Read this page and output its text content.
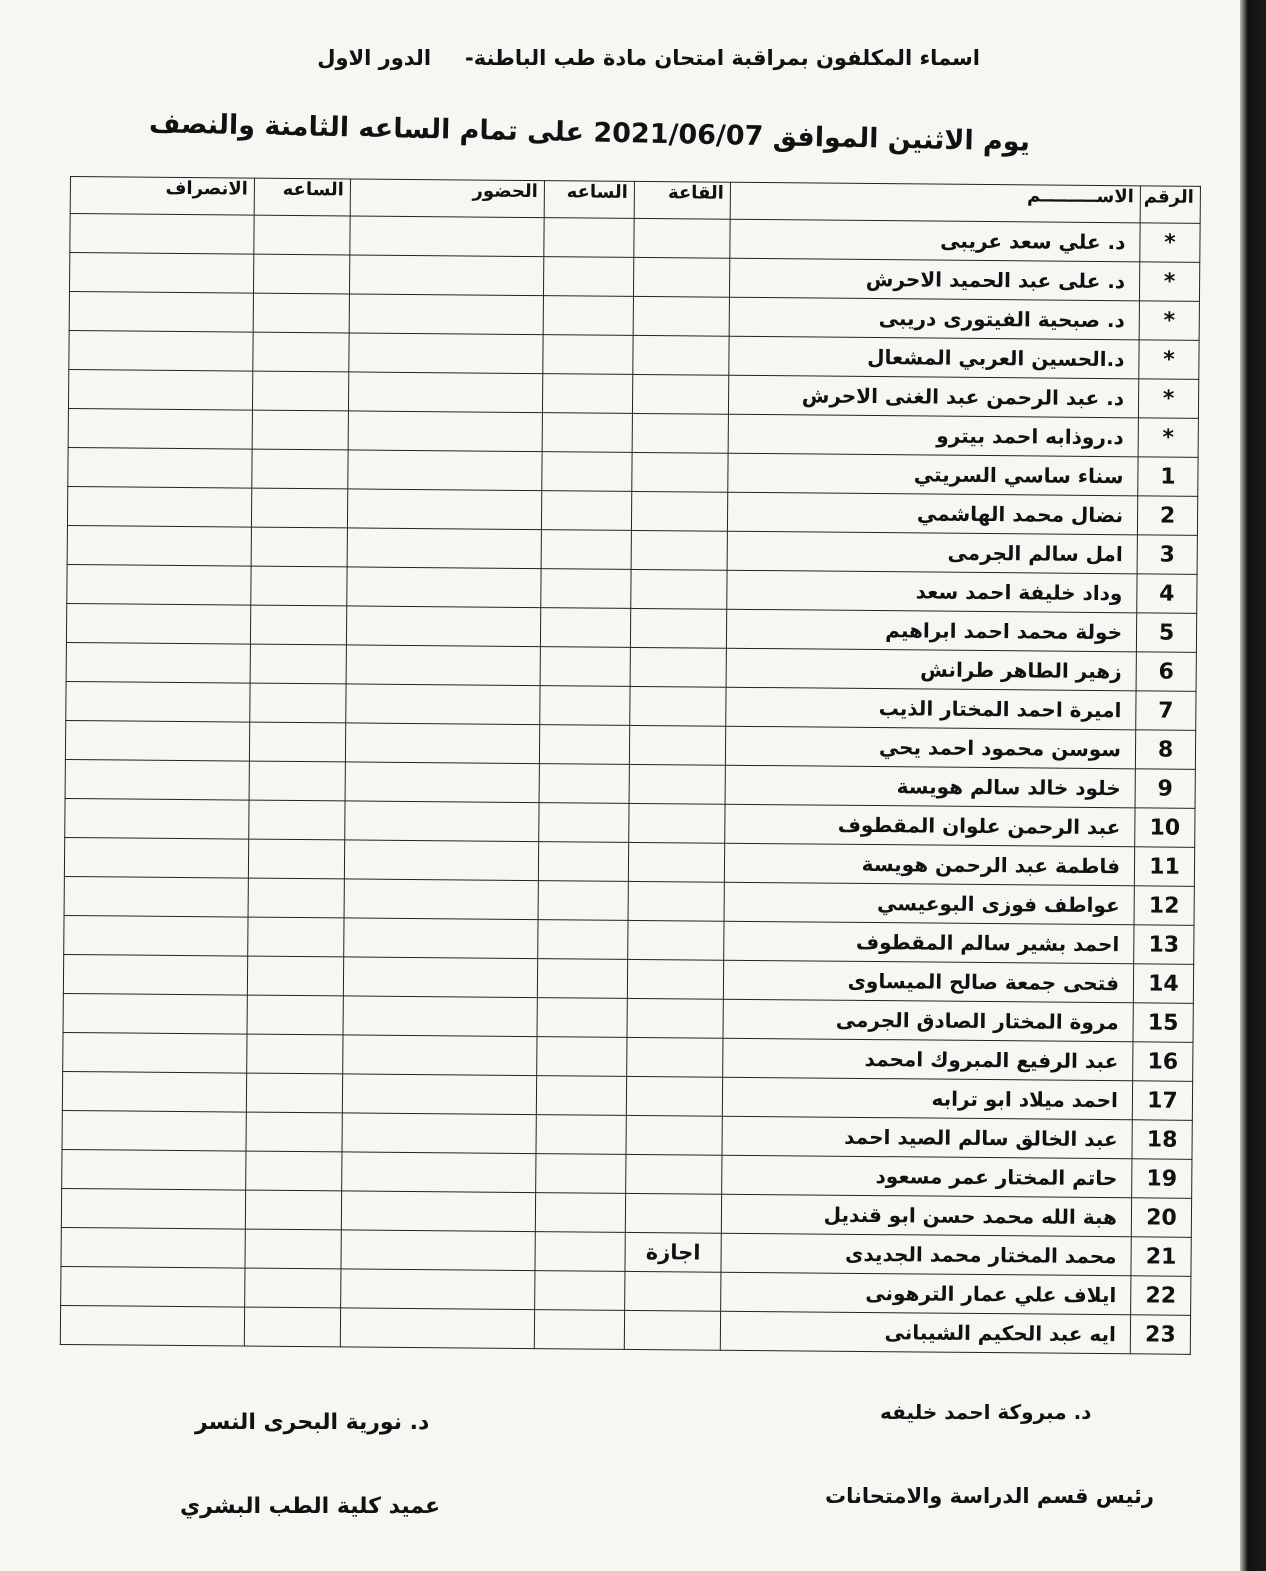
اسماء المكلفون بمراقبة امتحان مادة طب الباطنة-الدور الاول
يوم الاثنين الموافق 2021/06/07 على تمام الساعه الثامنة والنصف
الرقم	الاســـــــــم	القاعة	الساعه	الحضور	الساعه	الانصراف
*	د. علي سعد عريبى					
*	د. على عبد الحميد الاحرش					
*	د. صبحية الفيتورى دريبى					
*	د.الحسين العربي المشعال					
*	د. عبد الرحمن عبد الغنى الاحرش					
*	د.روذابه احمد بيترو					
1	سناء ساسي السريتي					
2	نضال محمد الهاشمي					
3	امل سالم الجرمى					
4	وداد خليفة احمد سعد					
5	خولة محمد احمد ابراهيم					
6	زهير الطاهر طرانش					
7	اميرة احمد المختار الذيب					
8	سوسن محمود احمد يحي					
9	خلود خالد سالم هويسة					
10	عبد الرحمن علوان المقطوف					
11	فاطمة عبد الرحمن هويسة					
12	عواطف فوزى البوعيسي					
13	احمد بشير سالم المقطوف					
14	فتحى جمعة صالح الميساوى					
15	مروة المختار الصادق الجرمى					
16	عبد الرفيع المبروك امحمد					
17	احمد ميلاد ابو ترابه					
18	عبد الخالق سالم الصيد احمد					
19	حاتم المختار عمر مسعود					
20	هبة الله محمد حسن ابو قنديل					
21	محمد المختار محمد الجديدى	اجازة				
22	ايلاف علي عمار الترهونى					
23	ايه عبد الحكيم الشيبانى					
د. مبروكة احمد خليفه
د. نورية البحرى النسر
رئيس قسم الدراسة والامتحانات
عميد كلية الطب البشري
